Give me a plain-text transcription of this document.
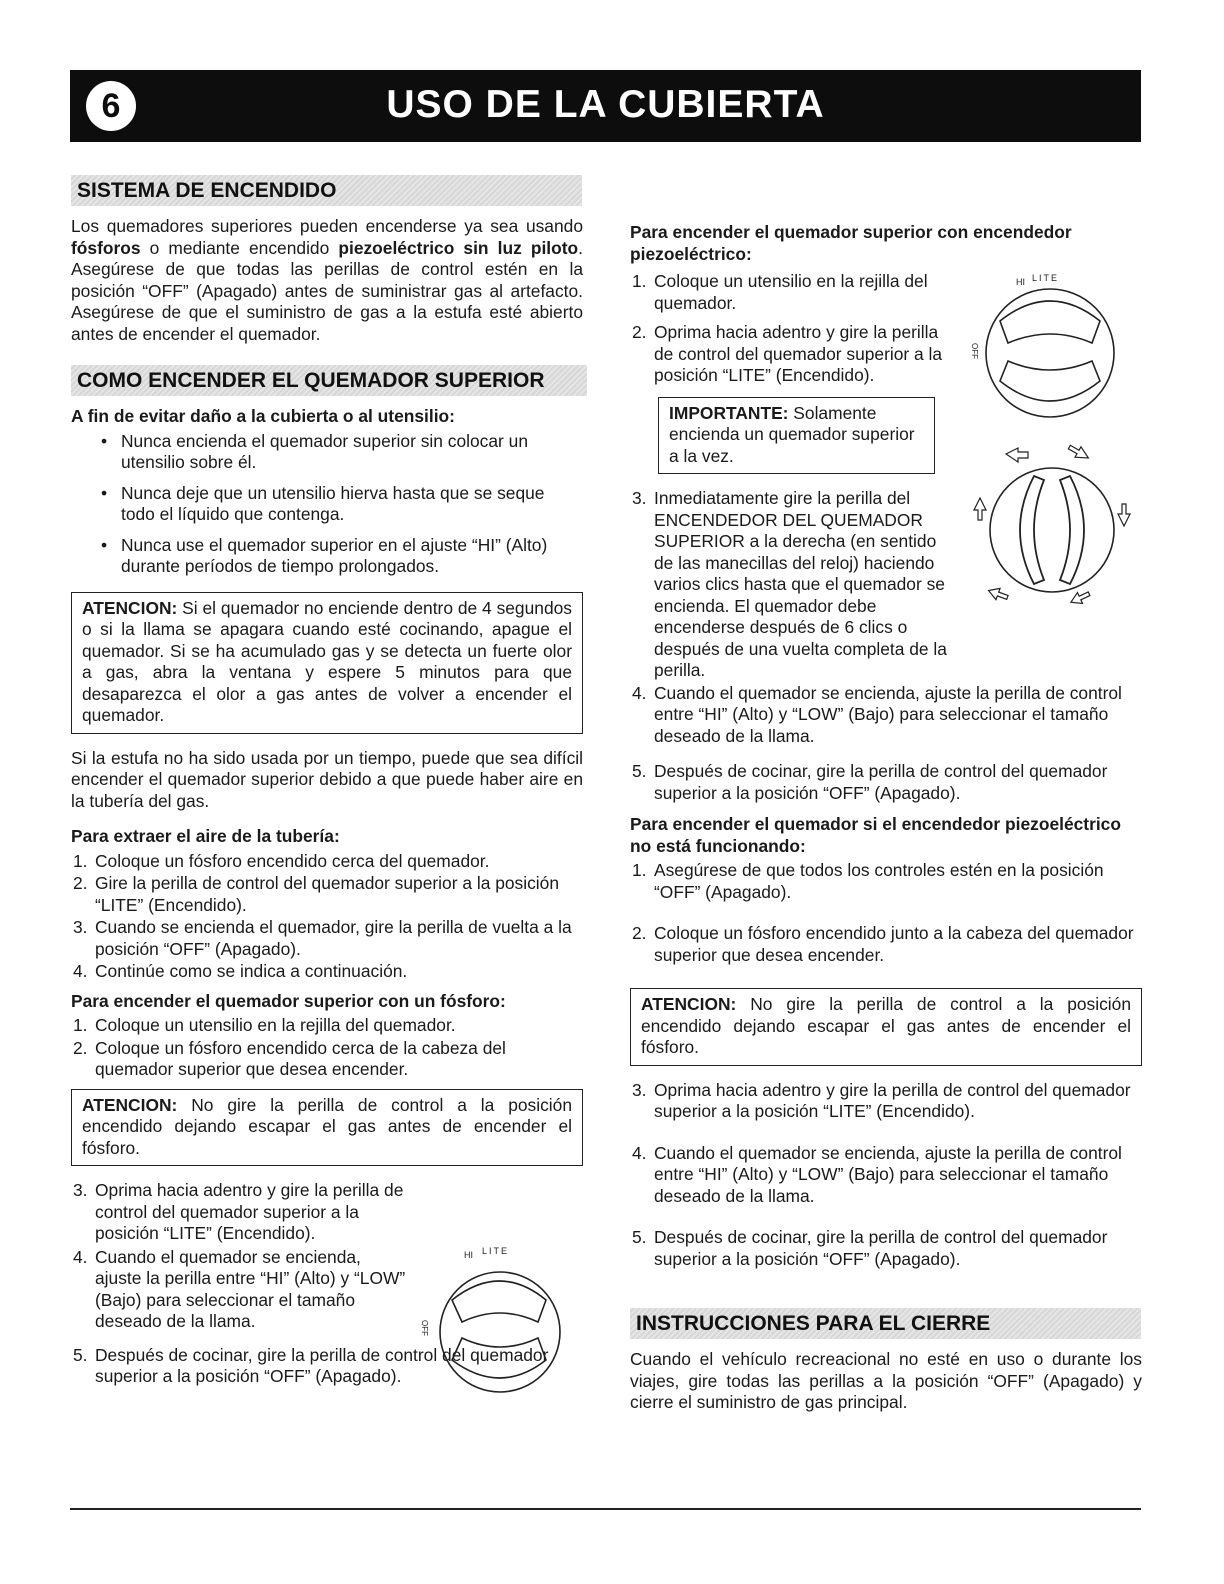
6	USO DE LA CUBIERTA
SISTEMA DE ENCENDIDO

Los quemadores superiores pueden encenderse ya sea usando fósforos o mediante encendido piezoeléctrico sin luz piloto. Asegúrese de que todas las perillas de control estén en la posición “OFF” (Apagado) antes de suministrar gas al artefacto. Asegúrese de que el suministro de gas a la estufa esté abierto antes de encender el quemador.

COMO ENCENDER EL QUEMADOR SUPERIOR
A fin de evitar daño a la cubierta o al utensilio:
• Nunca encienda el quemador superior sin colocar un utensilio sobre él.
• Nunca deje que un utensilio hierva hasta que se seque todo el líquido que contenga.
• Nunca use el quemador superior en el ajuste “HI” (Alto) durante períodos de tiempo prolongados.
ATENCION: Si el quemador no enciende dentro de 4 segundos o si la llama se apagara cuando esté cocinando, apague el quemador. Si se ha acumulado gas y se detecta un fuerte olor a gas, abra la ventana y espere 5 minutos para que desaparezca el olor a gas antes de volver a encender el quemador.

Si la estufa no ha sido usada por un tiempo, puede que sea difícil encender el quemador superior debido a que puede haber aire en la tubería del gas.

Para extraer el aire de la tubería:
1. Coloque un fósforo encendido cerca del quemador.
2. Gire la perilla de control del quemador superior a la posición “LITE” (Encendido).
3. Cuando se encienda el quemador, gire la perilla de vuelta a la posición “OFF” (Apagado).
4. Continúe como se indica a continuación.
Para encender el quemador superior con un fósforo:
1. Coloque un utensilio en la rejilla del quemador.
2. Coloque un fósforo encendido cerca de la cabeza del quemador superior que desea encender.
ATENCION: No gire la perilla de control a la posición encendido dejando escapar el gas antes de encender el fósforo.
3. Oprima hacia adentro y gire la perilla de control del quemador superior a la posición “LITE” (Encendido).
4. Cuando el quemador se encienda, ajuste la perilla entre “HI” (Alto) y “LOW” (Bajo) para seleccionar el tamaño deseado de la llama.
5. Después de cocinar, gire la perilla de control del quemador superior a la posición “OFF” (Apagado).
HI LITE
OFF
Para encender el quemador superior con encendedor piezoeléctrico:
1. Coloque un utensilio en la rejilla del quemador.
2. Oprima hacia adentro y gire la perilla de control del quemador superior a la posición “LITE” (Encendido).
IMPORTANTE: Solamente encienda un quemador superior a la vez.
3. Inmediatamente gire la perilla del ENCENDEDOR DEL QUEMADOR SUPERIOR a la derecha (en sentido de las manecillas del reloj) haciendo varios clics hasta que el quemador se encienda. El quemador debe encenderse después de 6 clics o después de una vuelta completa de la perilla.
4. Cuando el quemador se encienda, ajuste la perilla de control entre “HI” (Alto) y “LOW” (Bajo) para seleccionar el tamaño deseado de la llama.
5. Después de cocinar, gire la perilla de control del quemador superior a la posición “OFF” (Apagado).
Para encender el quemador si el encendedor piezoeléctrico no está funcionando:
1. Asegúrese de que todos los controles estén en la posición “OFF” (Apagado).
2. Coloque un fósforo encendido junto a la cabeza del quemador superior que desea encender.
ATENCION: No gire la perilla de control a la posición encendido dejando escapar el gas antes de encender el fósforo.
3. Oprima hacia adentro y gire la perilla de control del quemador superior a la posición “LITE” (Encendido).
4. Cuando el quemador se encienda, ajuste la perilla de control entre “HI” (Alto) y “LOW” (Bajo) para seleccionar el tamaño deseado de la llama.
5. Después de cocinar, gire la perilla de control del quemador superior a la posición “OFF” (Apagado).
INSTRUCCIONES PARA EL CIERRE

Cuando el vehículo recreacional no esté en uso o durante los viajes, gire todas las perillas a la posición “OFF” (Apagado) y cierre el suministro de gas principal.

HI LITE
OFF
